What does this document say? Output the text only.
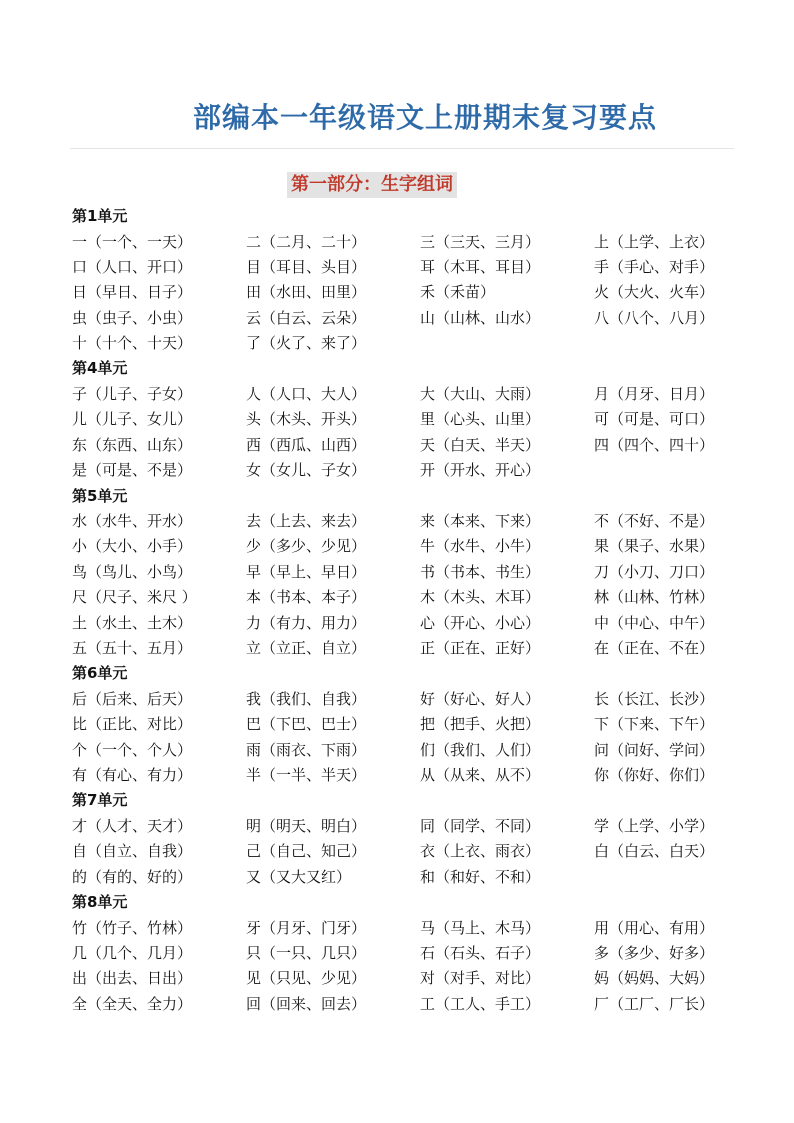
部编本一年级语文上册期末复习要点
第一部分：生字组词
第1单元
一（一个、一天）	二（二月、二十）	三（三天、三月）	上（上学、上衣）
口（人口、开口）	目（耳目、头目）	耳（木耳、耳目）	手（手心、对手）
日（早日、日子）	田（水田、田里）	禾（禾苗）	火（大火、火车）
虫（虫子、小虫）	云（白云、云朵）	山（山林、山水）	八（八个、八月）
十（十个、十天）	了（火了、来了）
第4单元
子（儿子、子女）	人（人口、大人）	大（大山、大雨）	月（月牙、日月）
儿（儿子、女儿）	头（木头、开头）	里（心头、山里）	可（可是、可口）
东（东西、山东）	西（西瓜、山西）	天（白天、半天）	四（四个、四十）
是（可是、不是）	女（女儿、子女）	开（开水、开心）
第5单元
水（水牛、开水）	去（上去、来去）	来（本来、下来）	不（不好、不是）
小（大小、小手）	少（多少、少见）	牛（水牛、小牛）	果（果子、水果）
鸟（鸟儿、小鸟）	早（早上、早日）	书（书本、书生）	刀（小刀、刀口）
尺（尺子、米尺 ）	本（书本、本子）	木（木头、木耳）	林（山林、竹林）
土（水土、土木）	力（有力、用力）	心（开心、小心）	中（中心、中午）
五（五十、五月）	立（立正、自立）	正（正在、正好）	在（正在、不在）
第6单元
后（后来、后天）	我（我们、自我）	好（好心、好人）	长（长江、长沙）
比（正比、对比）	巴（下巴、巴士）	把（把手、火把）	下（下来、下午）
个（一个、个人）	雨（雨衣、下雨）	们（我们、人们）	问（问好、学问）
有（有心、有力）	半（一半、半天）	从（从来、从不）	你（你好、你们）
第7单元
才（人才、天才）	明（明天、明白）	同（同学、不同）	学（上学、小学）
自（自立、自我）	己（自己、知己）	衣（上衣、雨衣）	白（白云、白天）
的（有的、好的）	又（又大又红）	和（和好、不和）
第8单元
竹（竹子、竹林）	牙（月牙、门牙）	马（马上、木马）	用（用心、有用）
几（几个、几月）	只（一只、几只）	石（石头、石子）	多（多少、好多）
出（出去、日出）	见（只见、少见）	对（对手、对比）	妈（妈妈、大妈）
全（全天、全力）	回（回来、回去）	工（工人、手工）	厂（工厂、厂长）
